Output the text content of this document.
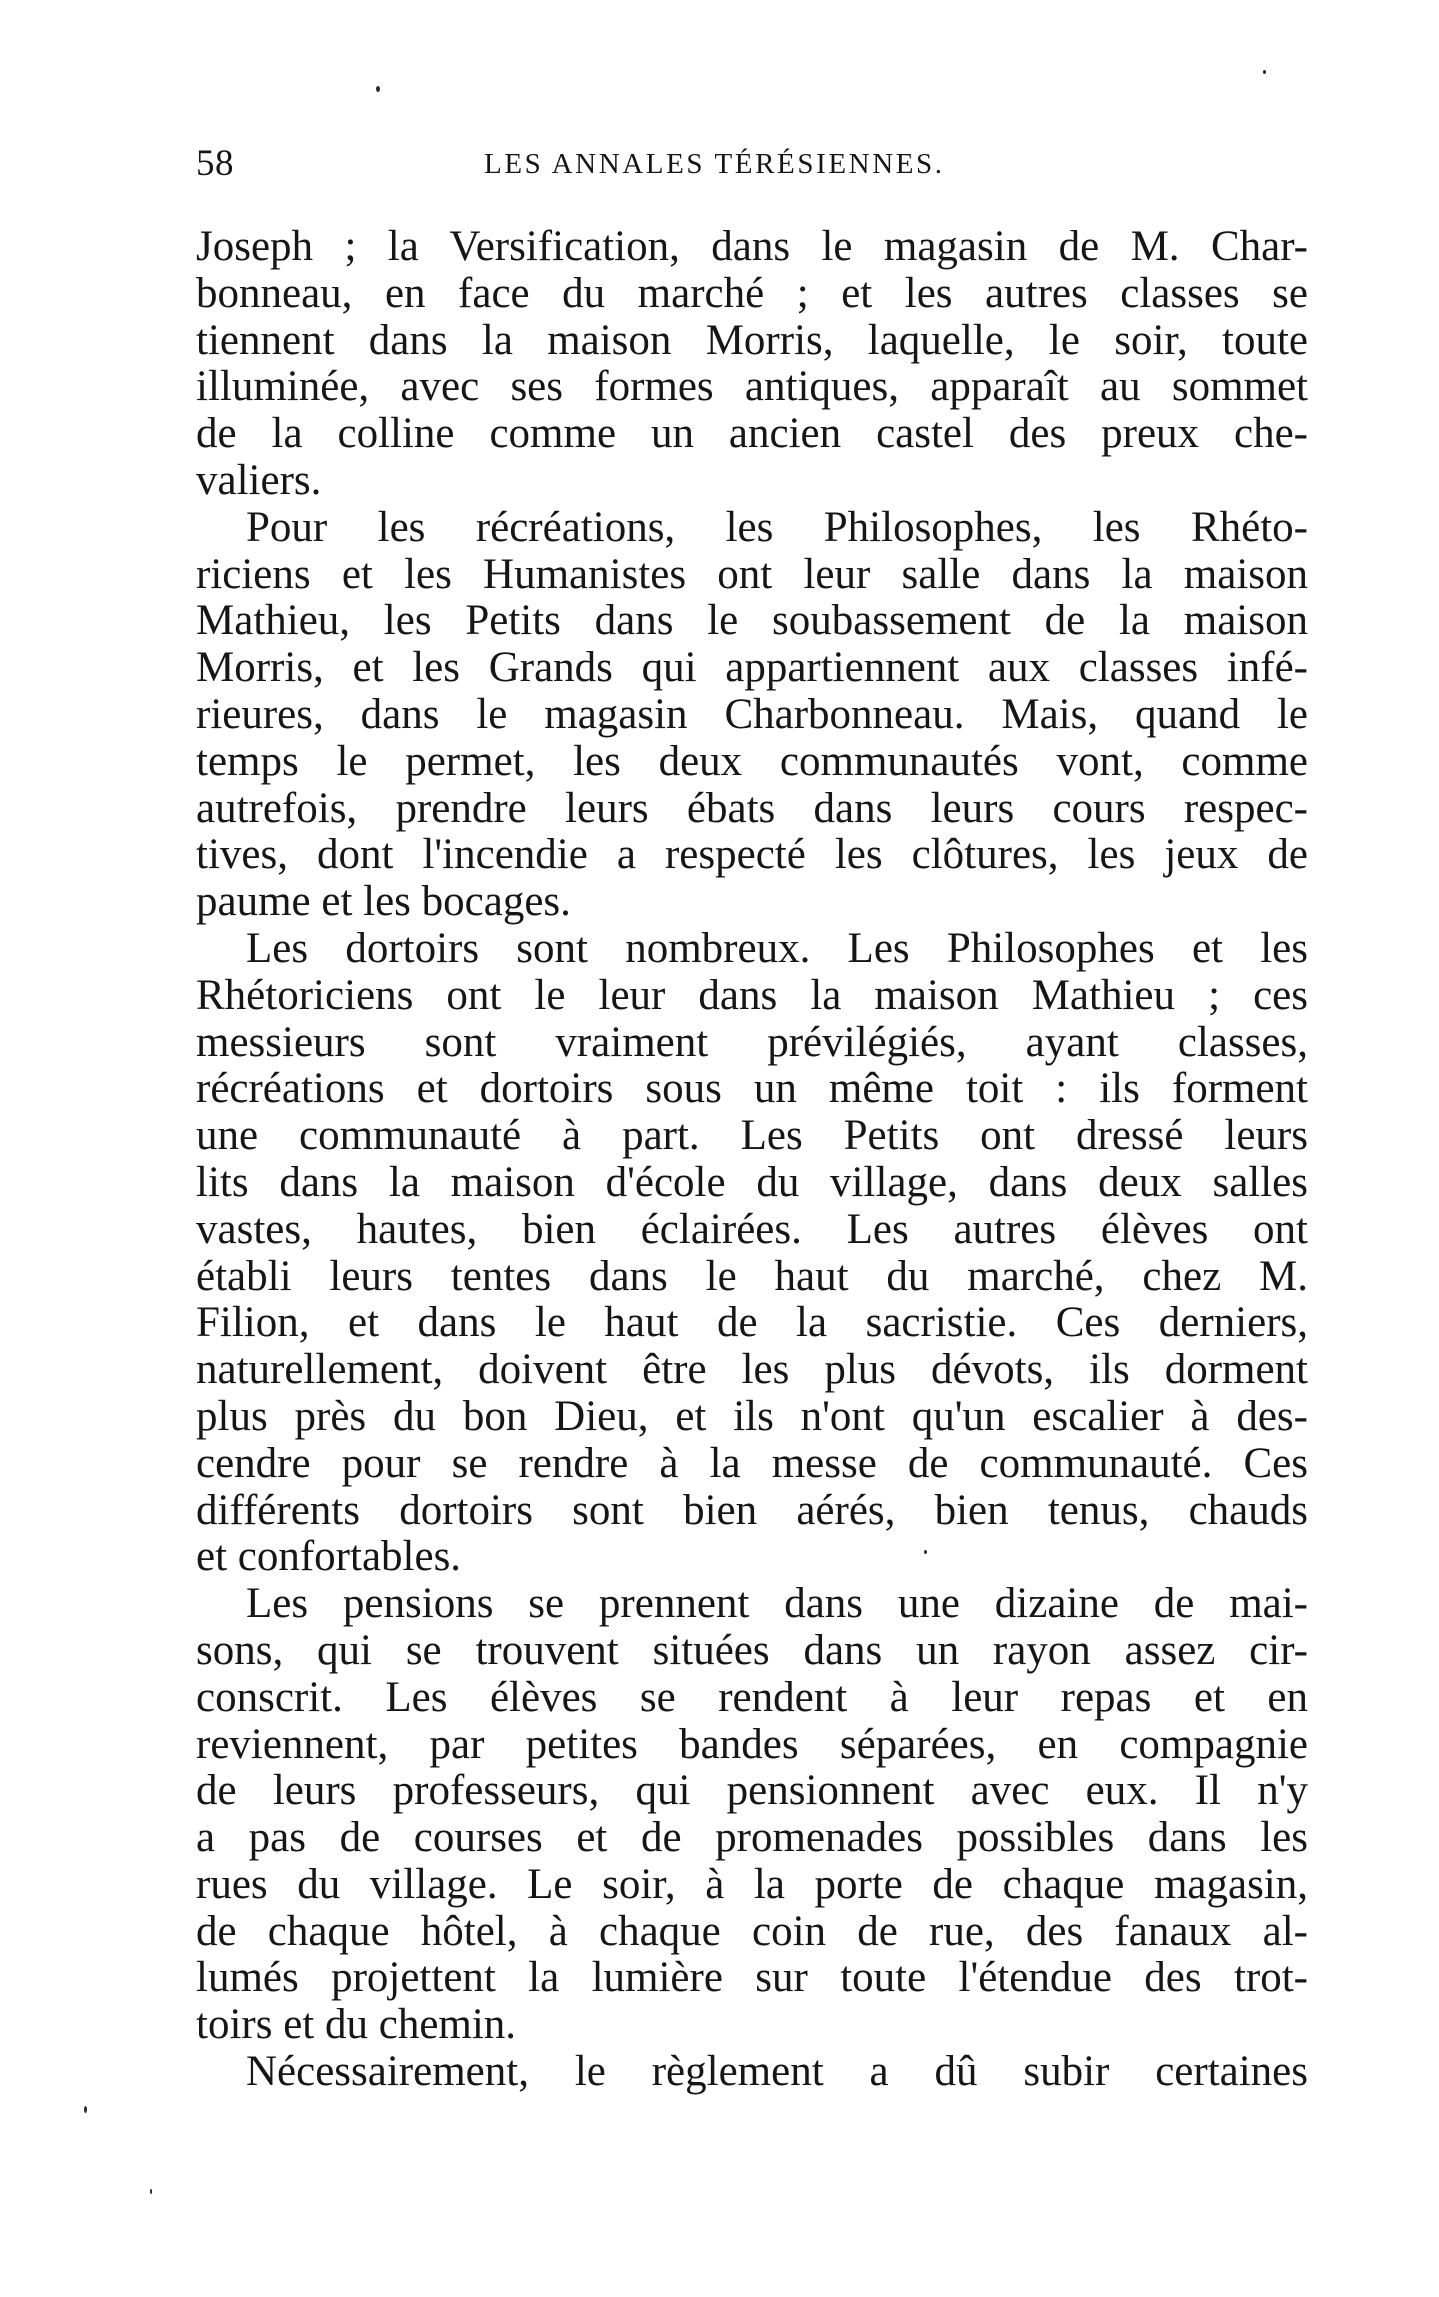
58	LES ANNALES TÉRÉSIENNES.
Joseph ; la Versification, dans le magasin de M. Char-
bonneau, en face du marché ; et les autres classes se
tiennent dans la maison Morris, laquelle, le soir, toute
illuminée, avec ses formes antiques, apparaît au sommet
de la colline comme un ancien castel des preux che-
valiers.
Pour les récréations, les Philosophes, les Rhéto-
riciens et les Humanistes ont leur salle dans la maison
Mathieu, les Petits dans le soubassement de la maison
Morris, et les Grands qui appartiennent aux classes infé-
rieures, dans le magasin Charbonneau. Mais, quand le
temps le permet, les deux communautés vont, comme
autrefois, prendre leurs ébats dans leurs cours respec-
tives, dont l'incendie a respecté les clôtures, les jeux de
paume et les bocages.
Les dortoirs sont nombreux. Les Philosophes et les
Rhétoriciens ont le leur dans la maison Mathieu ; ces
messieurs sont vraiment prévilégiés, ayant classes,
récréations et dortoirs sous un même toit : ils forment
une communauté à part. Les Petits ont dressé leurs
lits dans la maison d'école du village, dans deux salles
vastes, hautes, bien éclairées. Les autres élèves ont
établi leurs tentes dans le haut du marché, chez M.
Filion, et dans le haut de la sacristie. Ces derniers,
naturellement, doivent être les plus dévots, ils dorment
plus près du bon Dieu, et ils n'ont qu'un escalier à des-
cendre pour se rendre à la messe de communauté. Ces
différents dortoirs sont bien aérés, bien tenus, chauds
et confortables.
Les pensions se prennent dans une dizaine de mai-
sons, qui se trouvent situées dans un rayon assez cir-
conscrit. Les élèves se rendent à leur repas et en
reviennent, par petites bandes séparées, en compagnie
de leurs professeurs, qui pensionnent avec eux. Il n'y
a pas de courses et de promenades possibles dans les
rues du village. Le soir, à la porte de chaque magasin,
de chaque hôtel, à chaque coin de rue, des fanaux al-
lumés projettent la lumière sur toute l'étendue des trot-
toirs et du chemin.
Nécessairement, le règlement a dû subir certaines
